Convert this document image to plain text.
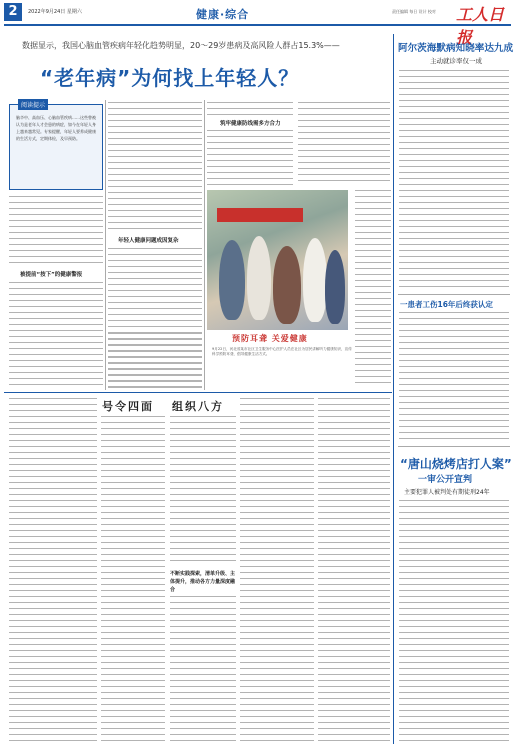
2	2022年9月24日 星期六	健康·综合	责任编辑 每日 设计 校对 工人日报
数据显示，我国心脑血管疾病年轻化趋势明显，20～29岁患病及高风险人群占15.3%——
“老年病”为何找上年轻人？
阅读提示
脑卒中、高血压、心脑血管疾病……这些曾被认为是老年人才会患的病症，如今在年轻人身上越来越常见。专家提醒，年轻人要养成健康的生活方式，定期体检，及早预防。
被提前“按下”的健康警报
年轻人健康问题成因复杂
筑牢健康防线需多方合力
预防耳聋 关爱健康
9月22日，河北省某市社区卫生服务中心医护人员在社区为居民讲解听力健康知识，宣传科学预防耳聋，倡导健康生活方式。
阿尔茨海默病知晓率达九成
主动就诊率仅一成
一患者工伤16年后终获认定
“唐山烧烤店打人案”
一审公开宣判
主要犯罪人被判处有期徒刑24年
号令四面 组织八方
不断实践探索，清单升级、主体提升，推动各方力量深度融合
